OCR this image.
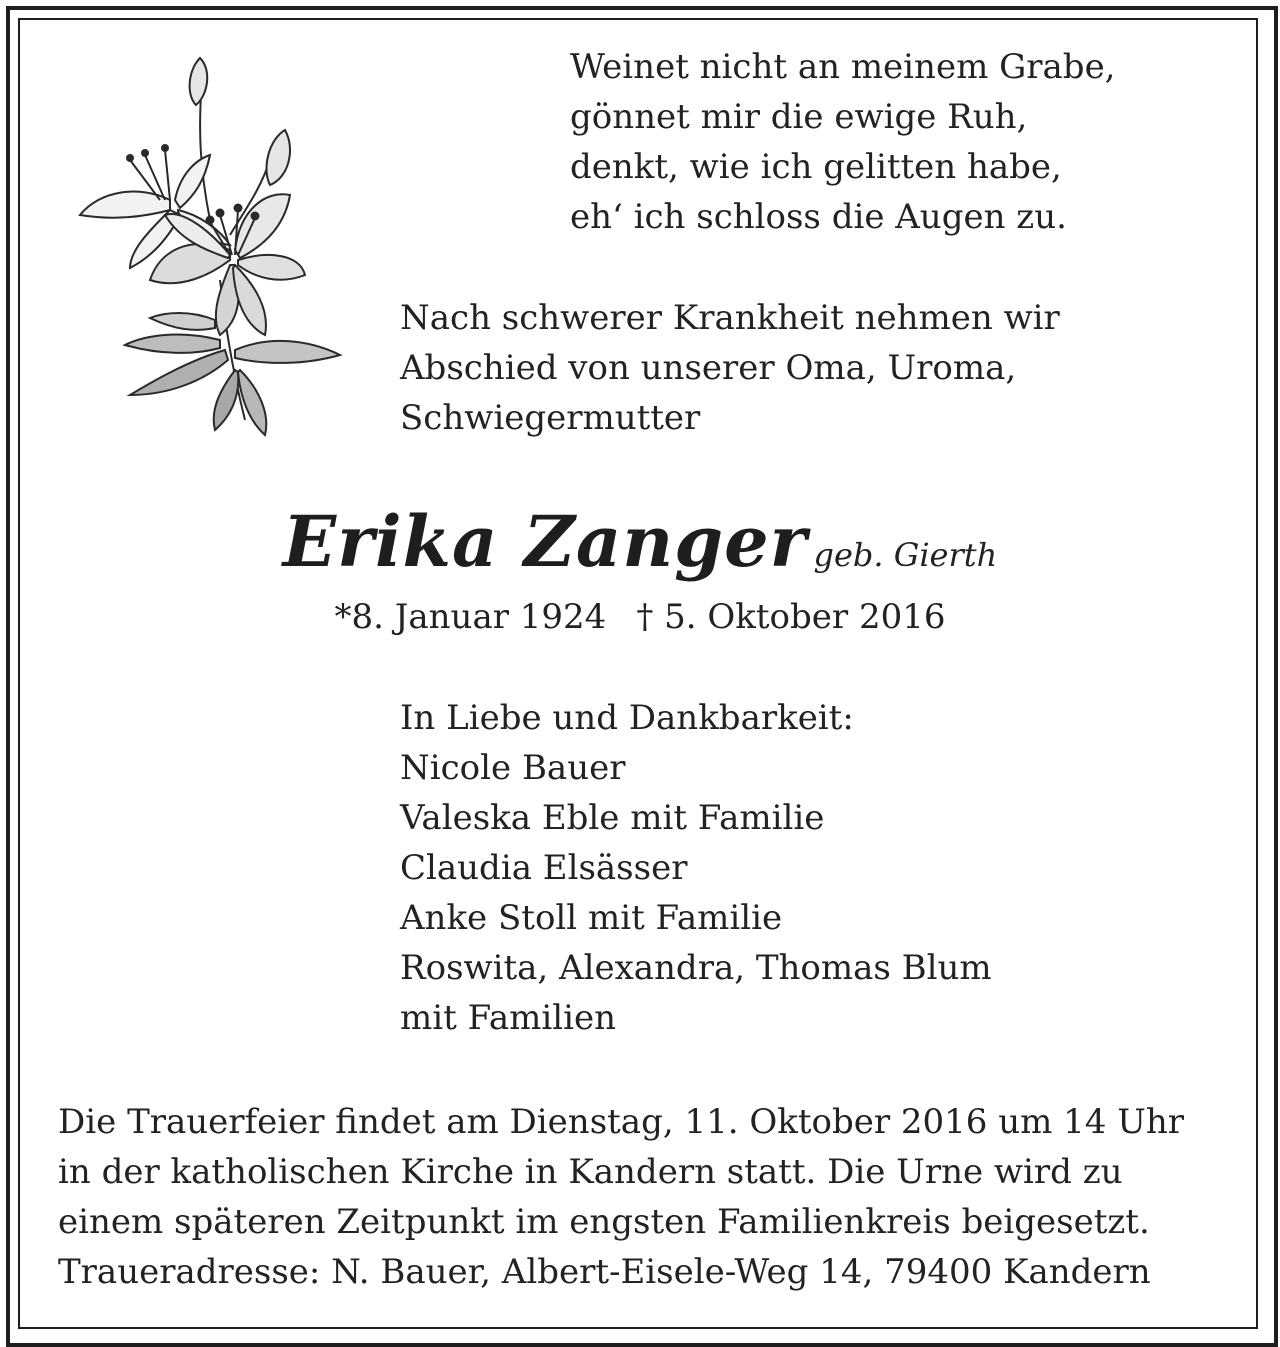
Weinet nicht an meinem Grabe,
gönnet mir die ewige Ruh,
denkt, wie ich gelitten habe,
eh‘ ich schloss die Augen zu.
Nach schwerer Krankheit nehmen wir
Abschied von unserer Oma, Uroma,
Schwiegermutter
Erika Zanger geb. Gierth
*8. Januar 1924 † 5. Oktober 2016
In Liebe und Dankbarkeit:
Nicole Bauer
Valeska Eble mit Familie
Claudia Elsässer
Anke Stoll mit Familie
Roswita, Alexandra, Thomas Blum
mit Familien
Die Trauerfeier findet am Dienstag, 11. Oktober 2016 um 14 Uhr
in der katholischen Kirche in Kandern statt. Die Urne wird zu
einem späteren Zeitpunkt im engsten Familienkreis beigesetzt.
Traueradresse: N. Bauer, Albert-Eisele-Weg 14, 79400 Kandern
